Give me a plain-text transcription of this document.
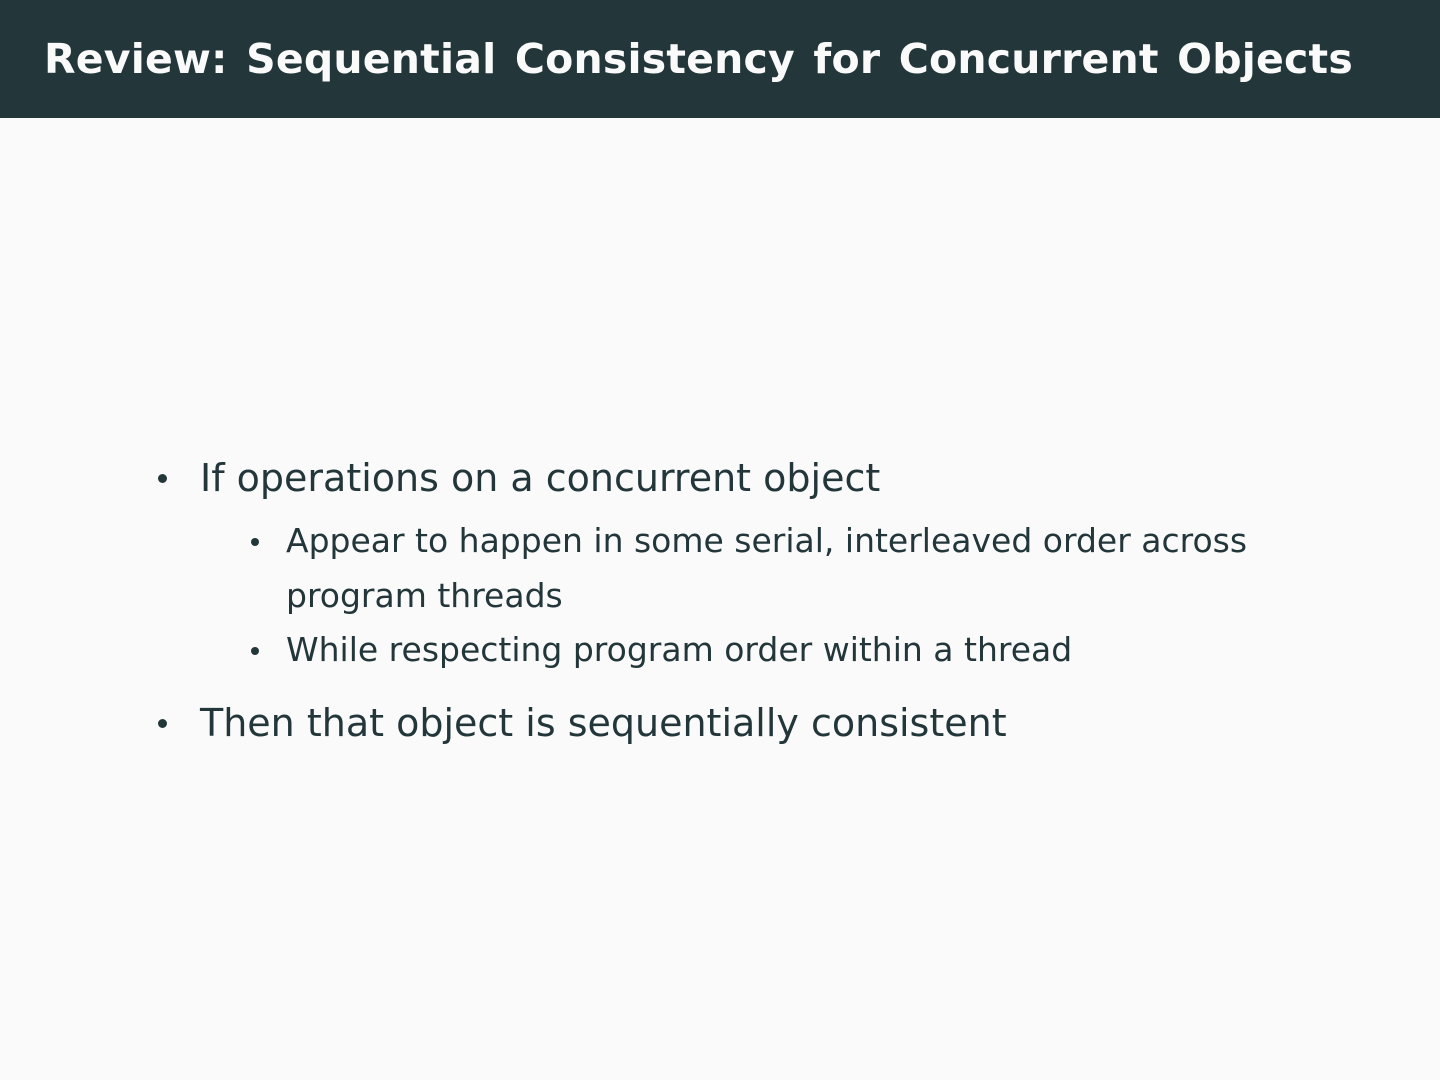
Review: Sequential Consistency for Concurrent Objects
If operations on a concurrent object
Appear to happen in some serial, interleaved order across
program threads
While respecting program order within a thread
Then that object is sequentially consistent
